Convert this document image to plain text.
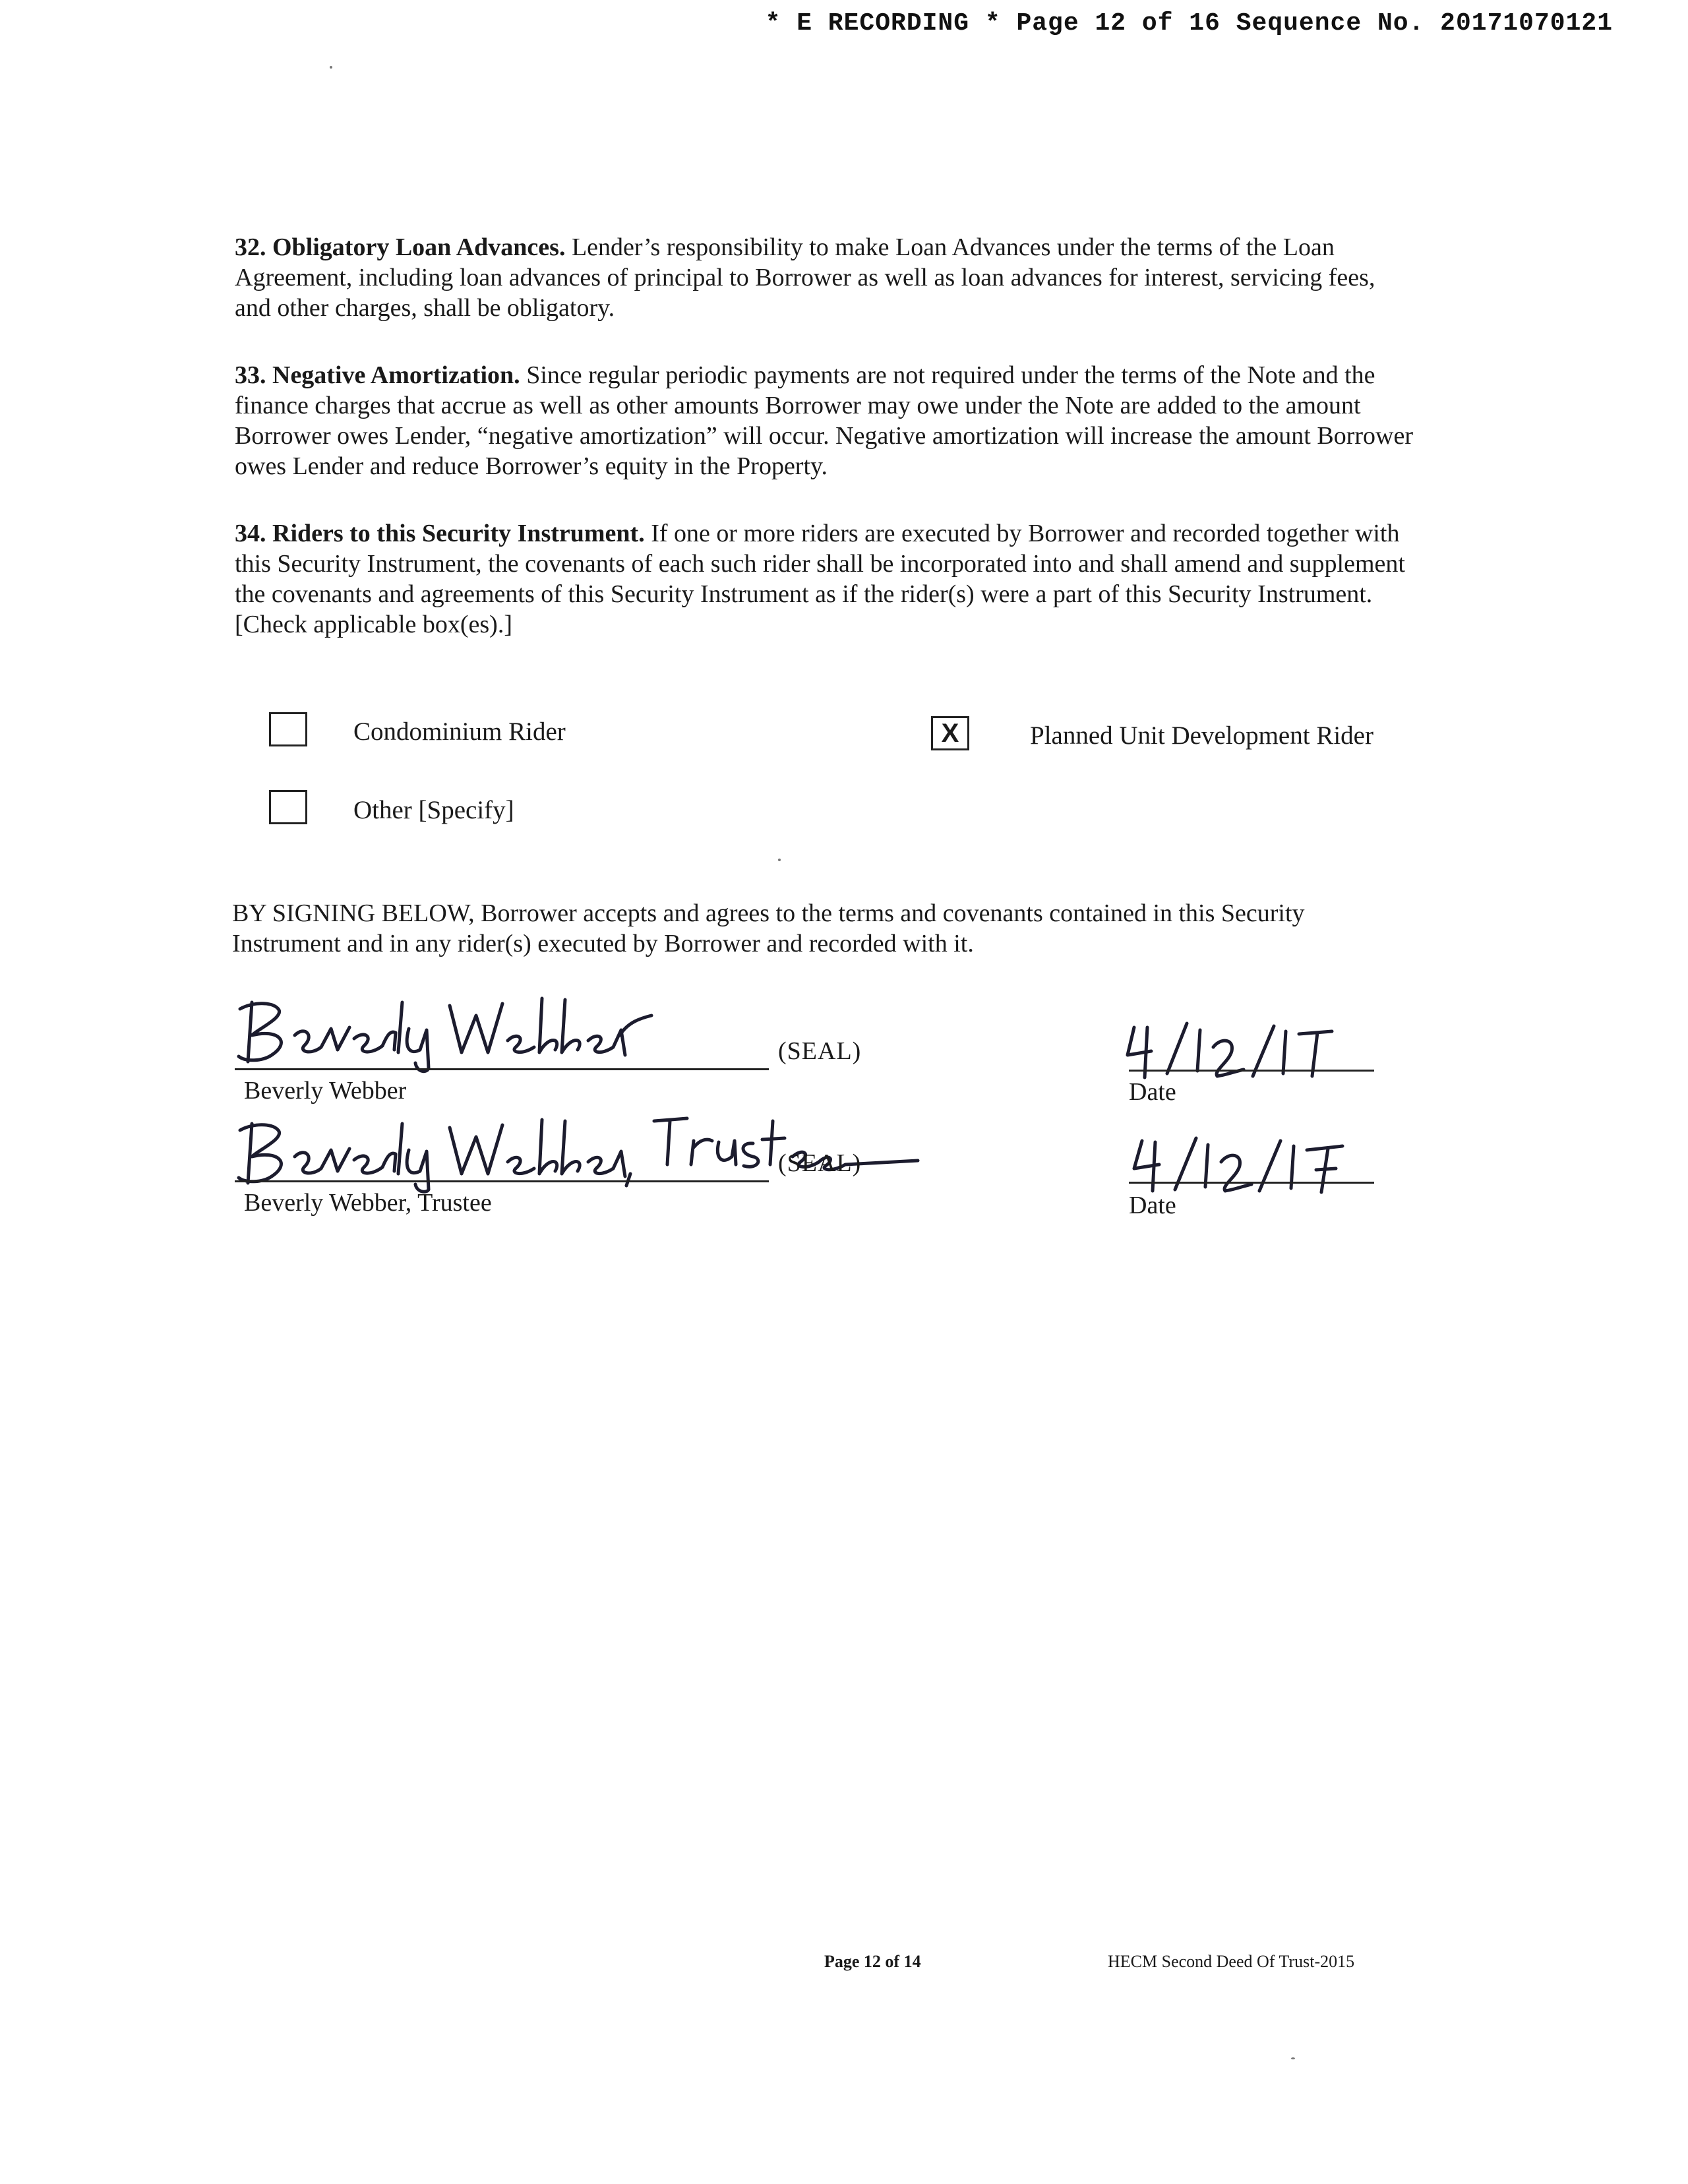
* E RECORDING * Page 12 of 16 Sequence No. 20171070121
32. Obligatory Loan Advances. Lender’s responsibility to make Loan Advances under the terms of the Loan Agreement, including loan advances of principal to Borrower as well as loan advances for interest, servicing fees, and other charges, shall be obligatory.
33. Negative Amortization. Since regular periodic payments are not required under the terms of the Note and the finance charges that accrue as well as other amounts Borrower may owe under the Note are added to the amount Borrower owes Lender, “negative amortization” will occur. Negative amortization will increase the amount Borrower owes Lender and reduce Borrower’s equity in the Property.
34. Riders to this Security Instrument. If one or more riders are executed by Borrower and recorded together with this Security Instrument, the covenants of each such rider shall be incorporated into and shall amend and supplement the covenants and agreements of this Security Instrument as if the rider(s) were a part of this Security Instrument. [Check applicable box(es).]
Condominium Rider	X	Planned Unit Development Rider
Other [Specify]
BY SIGNING BELOW, Borrower accepts and agrees to the terms and covenants contained in this Security Instrument and in any rider(s) executed by Borrower and recorded with it.
(SEAL)
Beverly Webber	Date
(SEAL)
Beverly Webber, Trustee	Date
Page 12 of 14	HECM Second Deed Of Trust-2015
